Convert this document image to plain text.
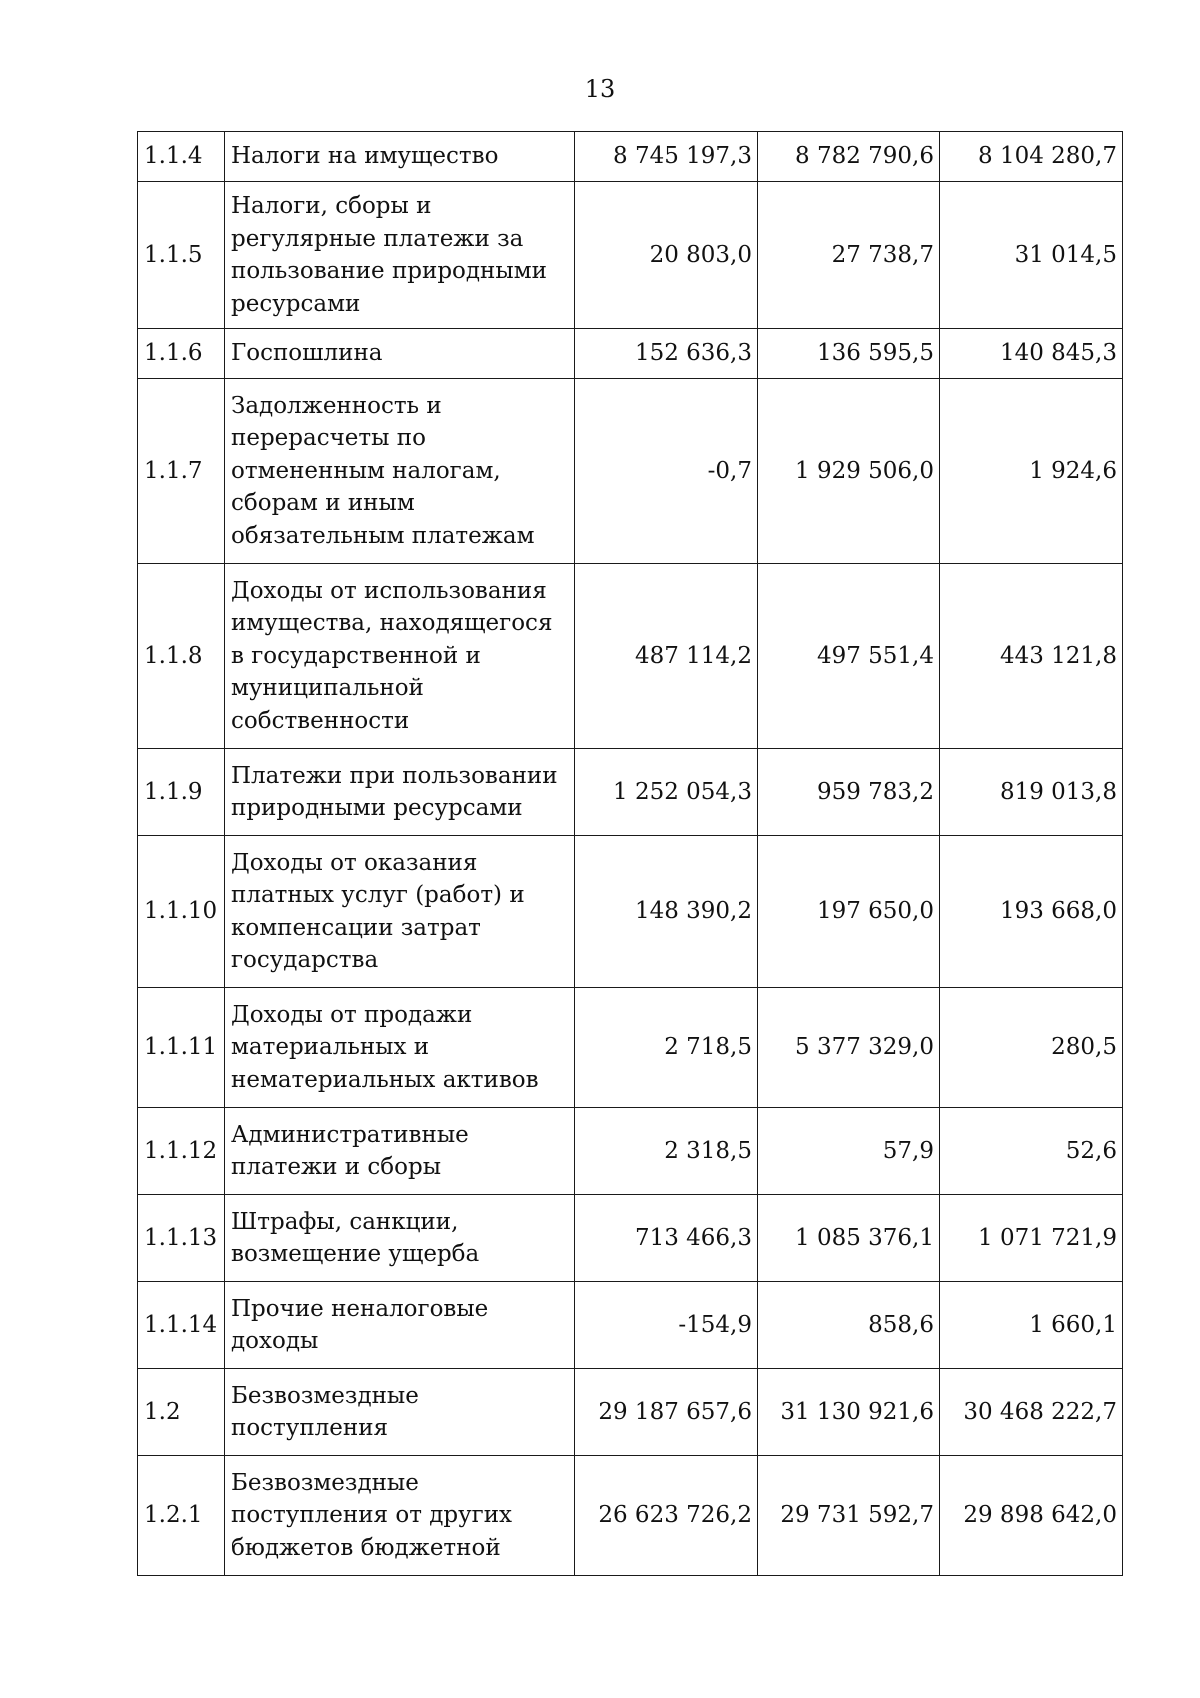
13
1.1.4	Налоги на имущество	8 745 197,3	8 782 790,6	8 104 280,7
1.1.5	Налоги, сборы и регулярные платежи за пользование природными ресурсами	20 803,0	27 738,7	31 014,5
1.1.6	Госпошлина	152 636,3	136 595,5	140 845,3
1.1.7	Задолженность и перерасчеты по отмененным налогам, сборам и иным обязательным платежам	-0,7	1 929 506,0	1 924,6
1.1.8	Доходы от использования имущества, находящегося в государственной и муниципальной собственности	487 114,2	497 551,4	443 121,8
1.1.9	Платежи при пользовании природными ресурсами	1 252 054,3	959 783,2	819 013,8
1.1.10	Доходы от оказания платных услуг (работ) и компенсации затрат государства	148 390,2	197 650,0	193 668,0
1.1.11	Доходы от продажи материальных и нематериальных активов	2 718,5	5 377 329,0	280,5
1.1.12	Административные платежи и сборы	2 318,5	57,9	52,6
1.1.13	Штрафы, санкции, возмещение ущерба	713 466,3	1 085 376,1	1 071 721,9
1.1.14	Прочие неналоговые доходы	-154,9	858,6	1 660,1
1.2	Безвозмездные поступления	29 187 657,6	31 130 921,6	30 468 222,7
1.2.1	Безвозмездные поступления от других бюджетов бюджетной	26 623 726,2	29 731 592,7	29 898 642,0
